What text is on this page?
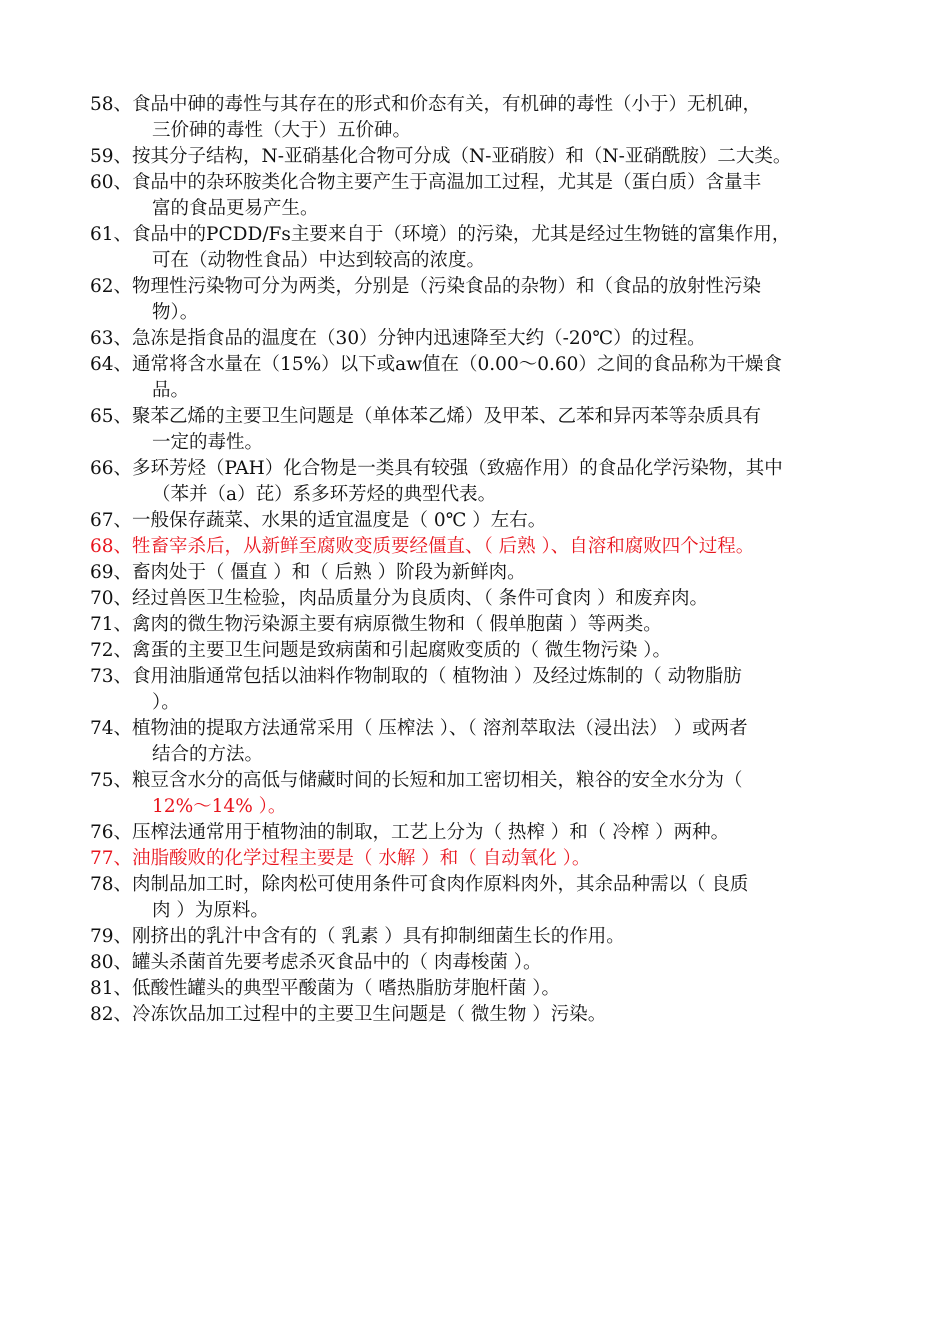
58、 食品中砷的毒性与其存在的形式和价态有关，有机砷的毒性（小于）无机砷，
三价砷的毒性（大于）五价砷。
59、 按其分子结构，N-亚硝基化合物可分成（N-亚硝胺）和（N-亚硝酰胺）二大类。
60、 食品中的杂环胺类化合物主要产生于高温加工过程，尤其是（蛋白质）含量丰
富的食品更易产生。
61、 食品中的PCDD/Fs主要来自于（环境）的污染，尤其是经过生物链的富集作用，
可在（动物性食品）中达到较高的浓度。
62、 物理性污染物可分为两类，分别是（污染食品的杂物）和（食品的放射性污染
物）。
63、 急冻是指食品的温度在（30）分钟内迅速降至大约（-20℃）的过程。
64、 通常将含水量在（15%）以下或aw值在（0.00～0.60）之间的食品称为干燥食
品。
65、 聚苯乙烯的主要卫生问题是（单体苯乙烯）及甲苯、乙苯和异丙苯等杂质具有
一定的毒性。
66、 多环芳烃（PAH）化合物是一类具有较强（致癌作用）的食品化学污染物，其中
（苯并（a）芘）系多环芳烃的典型代表。
67、 一般保存蔬菜、水果的适宜温度是（ 0℃ ）左右。
68、 牲畜宰杀后，从新鲜至腐败变质要经僵直、（ 后熟 ）、自溶和腐败四个过程。
69、 畜肉处于（ 僵直 ）和（ 后熟 ）阶段为新鲜肉。
70、 经过兽医卫生检验，肉品质量分为良质肉、（ 条件可食肉 ）和废弃肉。
71、 禽肉的微生物污染源主要有病原微生物和（ 假单胞菌 ）等两类。
72、 禽蛋的主要卫生问题是致病菌和引起腐败变质的（ 微生物污染 ）。
73、 食用油脂通常包括以油料作物制取的（ 植物油 ）及经过炼制的（ 动物脂肪
）。
74、 植物油的提取方法通常采用（ 压榨法 ）、（ 溶剂萃取法（浸出法） ）或两者
结合的方法。
75、 粮豆含水分的高低与储藏时间的长短和加工密切相关，粮谷的安全水分为（
12%～14% ）。
76、 压榨法通常用于植物油的制取，工艺上分为（ 热榨 ）和（ 冷榨 ）两种。
77、 油脂酸败的化学过程主要是（ 水解 ）和（ 自动氧化 ）。
78、 肉制品加工时，除肉松可使用条件可食肉作原料肉外，其余品种需以（ 良质
肉 ）为原料。
79、 刚挤出的乳汁中含有的（ 乳素 ）具有抑制细菌生长的作用。
80、 罐头杀菌首先要考虑杀灭食品中的（ 肉毒梭菌 ）。
81、 低酸性罐头的典型平酸菌为（ 嗜热脂肪芽胞杆菌 ）。
82、 冷冻饮品加工过程中的主要卫生问题是（ 微生物 ）污染。
